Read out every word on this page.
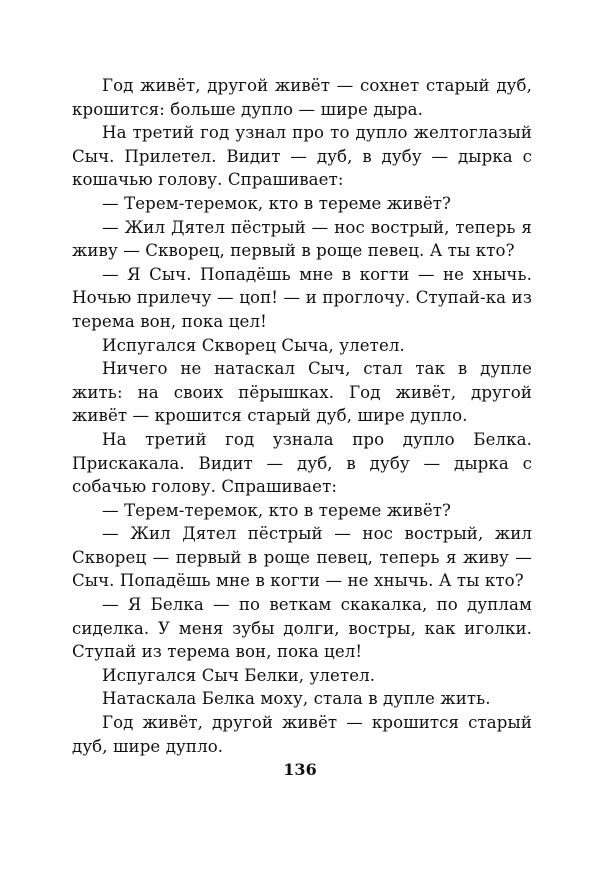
Год живёт, другой живёт — сохнет старый дуб, крошится: больше дупло — шире дыра.

На третий год узнал про то дупло желтоглазый Сыч. Прилетел. Видит — дуб, в дубу — дырка с кошачью голову. Спрашивает:

— Терем-теремок, кто в тереме живёт?

— Жил Дятел пёстрый — нос вострый, теперь я живу — Скворец, первый в роще певец. А ты кто?

— Я Сыч. Попадёшь мне в когти — не хнычь. Ночью прилечу — цоп! — и проглочу. Ступай-ка из терема вон, пока цел!

Испугался Скворец Сыча, улетел.

Ничего не натаскал Сыч, стал так в дупле жить: на своих пёрышках. Год живёт, другой живёт — крошится старый дуб, шире дупло.

На третий год узнала про дупло Белка. Прискакала. Видит — дуб, в дубу — дырка с собачью голову. Спрашивает:

— Терем-теремок, кто в тереме живёт?

— Жил Дятел пёстрый — нос вострый, жил Скворец — первый в роще певец, теперь я живу — Сыч. Попадёшь мне в когти — не хнычь. А ты кто?

— Я Белка — по веткам скакалка, по дуплам сиделка. У меня зубы долги, востры, как иголки. Ступай из терема вон, пока цел!

Испугался Сыч Белки, улетел.

Натаскала Белка моху, стала в дупле жить.

Год живёт, другой живёт — крошится старый дуб, шире дупло.

136
